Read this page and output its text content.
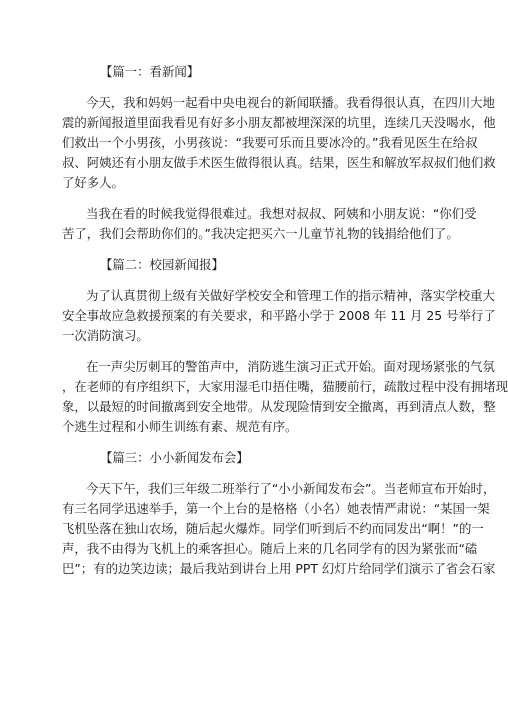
【篇一：看新闻】
今天，我和妈妈一起看中央电视台的新闻联播。我看得很认真，在四川大地
震的新闻报道里面我看见有好多小朋友都被埋深深的坑里，连续几天没喝水，他
们救出一个小男孩，小男孩说：“我要可乐而且要冰冷的。”我看见医生在给叔
叔、阿姨还有小朋友做手术医生做得很认真。结果，医生和解放军叔叔们他们救
了好多人。
当我在看的时候我觉得很难过。我想对叔叔、阿姨和小朋友说：“你们受
苦了，我们会帮助你们的。”我决定把买六一儿童节礼物的钱捐给他们了。
【篇二：校园新闻报】
为了认真贯彻上级有关做好学校安全和管理工作的指示精神，落实学校重大
安全事故应急救援预案的有关要求，和平路小学于 2008 年 11 月 25 号举行了
一次消防演习。
在一声尖厉刺耳的警笛声中，消防逃生演习正式开始。面对现场紧张的气氛
，在老师的有序组织下，大家用湿毛巾捂住嘴，猫腰前行，疏散过程中没有拥堵现
象，以最短的时间撤离到安全地带。从发现险情到安全撤离，再到清点人数，整
个逃生过程和小师生训练有素、规范有序。
【篇三：小小新闻发布会】
今天下午，我们三年级二班举行了“小小新闻发布会”。当老师宣布开始时，
有三名同学迅速举手，第一个上台的是格格（小名）她表情严肃说：“某国一架
飞机坠落在独山农场，随后起火爆炸。同学们听到后不约而同发出“啊！”的一
声，我不由得为飞机上的乘客担心。随后上来的几名同学有的因为紧张而“磕
巴”；有的边笑边读；最后我站到讲台上用 PPT 幻灯片给同学们演示了省会石家
